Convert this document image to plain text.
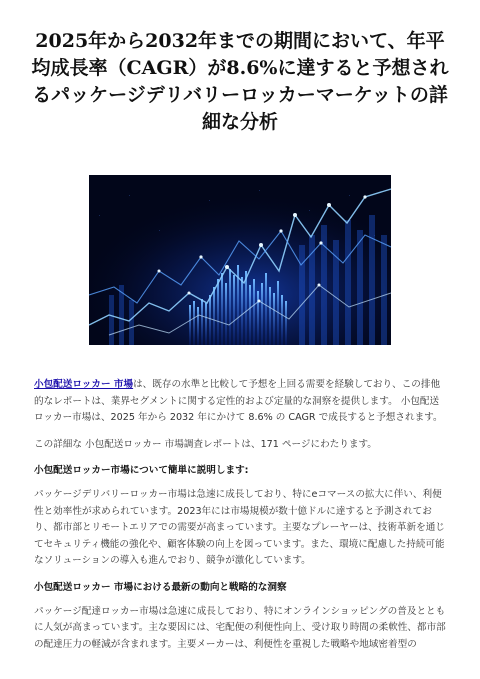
2025年から2032年までの期間において、年平均成長率（CAGR）が8.6%に達すると予想されるパッケージデリバリーロッカーマーケットの詳細な分析

小包配送ロッカー 市場は、既存の水準と比較して予想を上回る需要を経験しており、この排他的なレポートは、業界セグメントに関する定性的および定量的な洞察を提供します。 小包配送ロッカー市場は、2025 年から 2032 年にかけて 8.6% の CAGR で成長すると予想されます。

この詳細な 小包配送ロッカー 市場調査レポートは、171 ページにわたります。

小包配送ロッカー市場について簡単に説明します:

パッケージデリバリーロッカー市場は急速に成長しており、特にeコマースの拡大に伴い、利便性と効率性が求められています。2023年には市場規模が数十億ドルに達すると予測されており、都市部とリモートエリアでの需要が高まっています。主要なプレーヤーは、技術革新を通じてセキュリティ機能の強化や、顧客体験の向上を図っています。また、環境に配慮した持続可能なソリューションの導入も進んでおり、競争が激化しています。

小包配送ロッカー 市場における最新の動向と戦略的な洞察

パッケージ配達ロッカー市場は急速に成長しており、特にオンラインショッピングの普及とともに人気が高まっています。主な要因には、宅配便の利便性向上、受け取り時間の柔軟性、都市部の配達圧力の軽減が含まれます。主要メーカーは、利便性を重視した戦略や地域密着型の
